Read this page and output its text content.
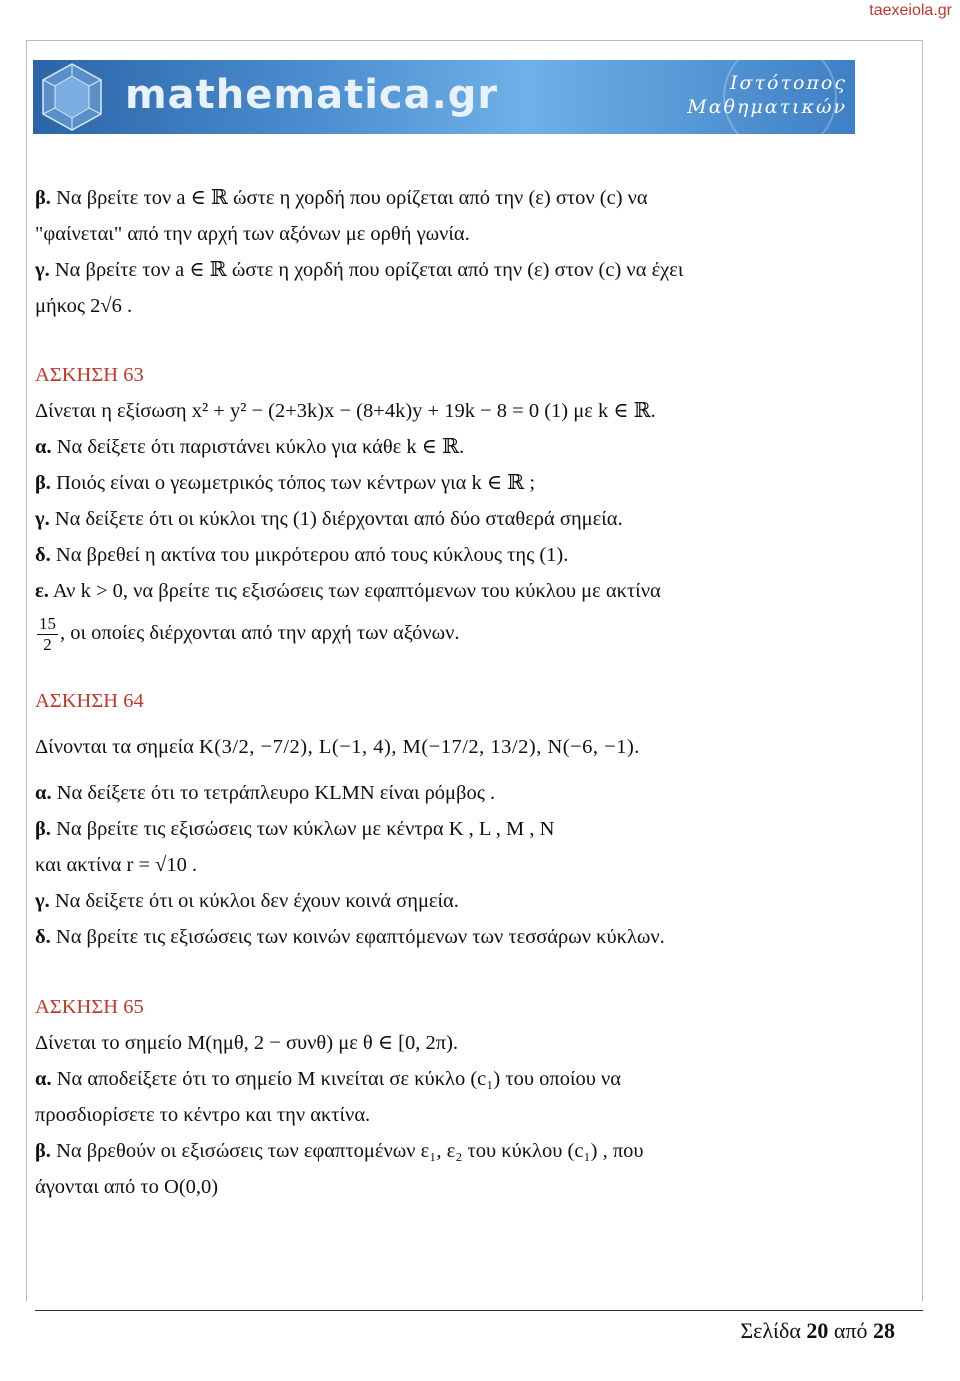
taexeiola.gr
mathematica.gr	Ιστότοπος
Μαθηματικών
β. Να βρείτε τον a ∈ ℝ ώστε η χορδή που ορίζεται από την (ε) στον (c) να
"φαίνεται" από την αρχή των αξόνων με ορθή γωνία.
γ. Να βρείτε τον a ∈ ℝ ώστε η χορδή που ορίζεται από την (ε) στον (c) να έχει
μήκος 2√6 .
ΑΣΚΗΣΗ 63
Δίνεται η εξίσωση x² + y² − (2+3k)x − (8+4k)y + 19k − 8 = 0 (1) με k ∈ ℝ.
α. Να δείξετε ότι παριστάνει κύκλο για κάθε k ∈ ℝ.
β. Ποιός είναι ο γεωμετρικός τόπος των κέντρων για k ∈ ℝ ;
γ. Να δείξετε ότι οι κύκλοι της (1) διέρχονται από δύο σταθερά σημεία.
δ. Να βρεθεί η ακτίνα του μικρότερου από τους κύκλους της (1).
ε. Αν k > 0, να βρείτε τις εξισώσεις των εφαπτόμενων του κύκλου με ακτίνα
$\frac{15}{2}$ , οι οποίες διέρχονται από την αρχή των αξόνων.
ΑΣΚΗΣΗ 64
Δίνονται τα σημεία K(3/2, −7/2), L(−1, 4), M(−17/2, 13/2), N(−6, −1).
α. Να δείξετε ότι το τετράπλευρο KLMN είναι ρόμβος .
β. Να βρείτε τις εξισώσεις των κύκλων με κέντρα K , L , M , N
και ακτίνα r = √10 .
γ. Να δείξετε ότι οι κύκλοι δεν έχουν κοινά σημεία.
δ. Να βρείτε τις εξισώσεις των κοινών εφαπτόμενων των τεσσάρων κύκλων.
ΑΣΚΗΣΗ 65
Δίνεται το σημείο Μ(ημθ, 2 − συνθ) με θ ∈ [0, 2π).
α. Να αποδείξετε ότι το σημείο Μ κινείται σε κύκλο (c₁) του οποίου να
προσδιορίσετε το κέντρο και την ακτίνα.
β. Να βρεθούν οι εξισώσεις των εφαπτομένων ε₁, ε₂ του κύκλου (c₁) , που
άγονται από το Ο(0,0)
Σελίδα 20 από 28
